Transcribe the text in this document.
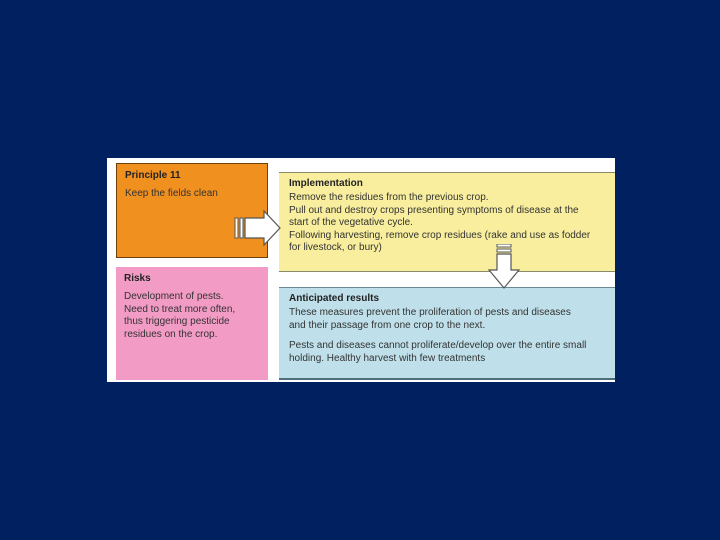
Principle 11
Keep the fields clean
Risks
Development of pests.
Need to treat more often,
thus triggering pesticide
residues on the crop.
Implementation
Remove the residues from the previous crop.
Pull out and destroy crops presenting symptoms of disease at the
start of the vegetative cycle.
Following harvesting, remove crop residues (rake and use as fodder
for livestock, or bury)
Anticipated results
These measures prevent the proliferation of pests and diseases
and their passage from one crop to the next.
Pests and diseases cannot proliferate/develop over the entire small
holding. Healthy harvest with few treatments
